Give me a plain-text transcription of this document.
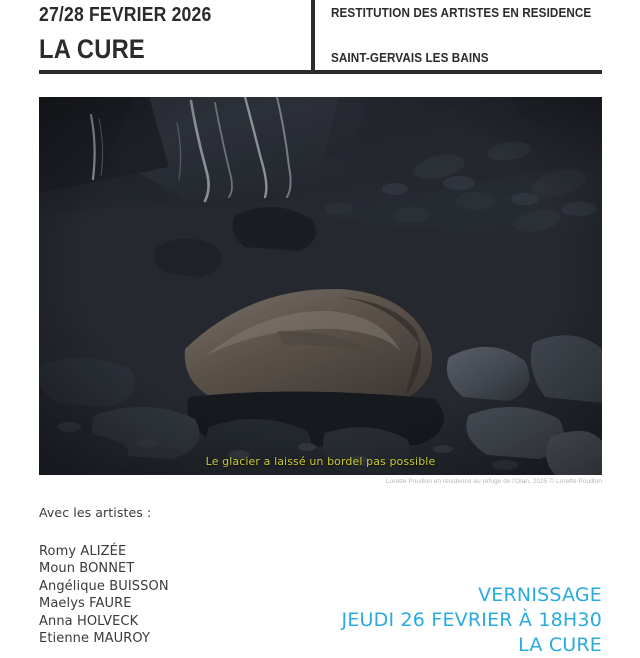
27/28 FEVRIER 2026
LA CURE
RESTITUTION DES ARTISTES EN RESIDENCE
SAINT-GERVAIS LES BAINS
Le glacier a laissé un bordel pas possible
Lorette Pouillon en résidence au refuge de l'Olan, 2025 © Lorette Pouillon
Avec les artistes :
Romy ALIZÉE
Moun BONNET
Angélique BUISSON
Maelys FAURE
Anna HOLVECK
Etienne MAUROY
VERNISSAGE
JEUDI 26 FEVRIER À 18H30
LA CURE
